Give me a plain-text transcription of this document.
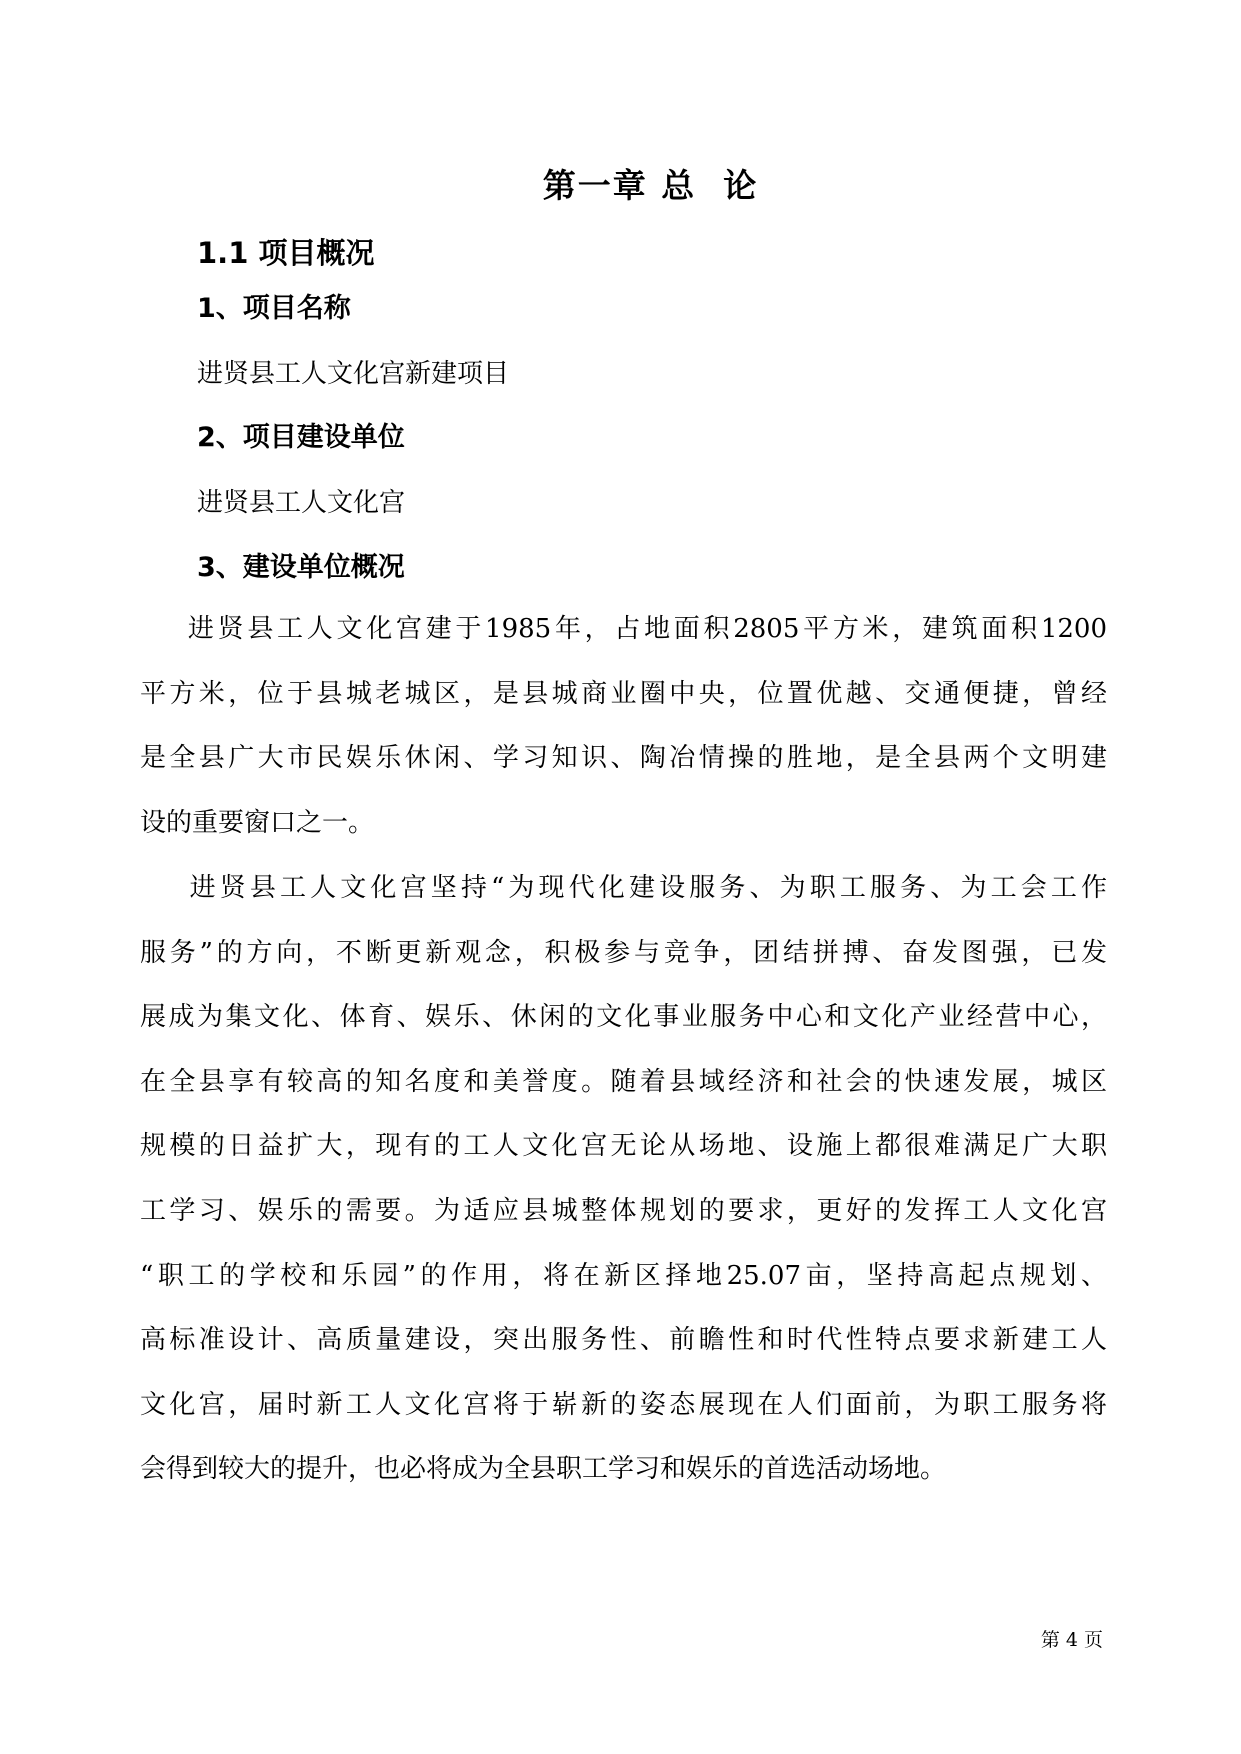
第一章 总  论
1.1 项目概况
1、项目名称
进贤县工人文化宫新建项目
2、项目建设单位
进贤县工人文化宫
3、建设单位概况
进贤县工人文化宫建于1985年，占地面积2805平方米，建筑面积1200
平方米，位于县城老城区，是县城商业圈中央，位置优越、交通便捷，曾经
是全县广大市民娱乐休闲、学习知识、陶冶情操的胜地，是全县两个文明建
设的重要窗口之一。
进贤县工人文化宫坚持“为现代化建设服务、为职工服务、为工会工作
服务”的方向，不断更新观念，积极参与竞争，团结拼搏、奋发图强，已发
展成为集文化、体育、娱乐、休闲的文化事业服务中心和文化产业经营中心，
在全县享有较高的知名度和美誉度。随着县域经济和社会的快速发展，城区
规模的日益扩大，现有的工人文化宫无论从场地、设施上都很难满足广大职
工学习、娱乐的需要。为适应县城整体规划的要求，更好的发挥工人文化宫
“职工的学校和乐园”的作用，将在新区择地25.07亩，坚持高起点规划、
高标准设计、高质量建设，突出服务性、前瞻性和时代性特点要求新建工人
文化宫，届时新工人文化宫将于崭新的姿态展现在人们面前，为职工服务将
会得到较大的提升，也必将成为全县职工学习和娱乐的首选活动场地。
第 4 页
